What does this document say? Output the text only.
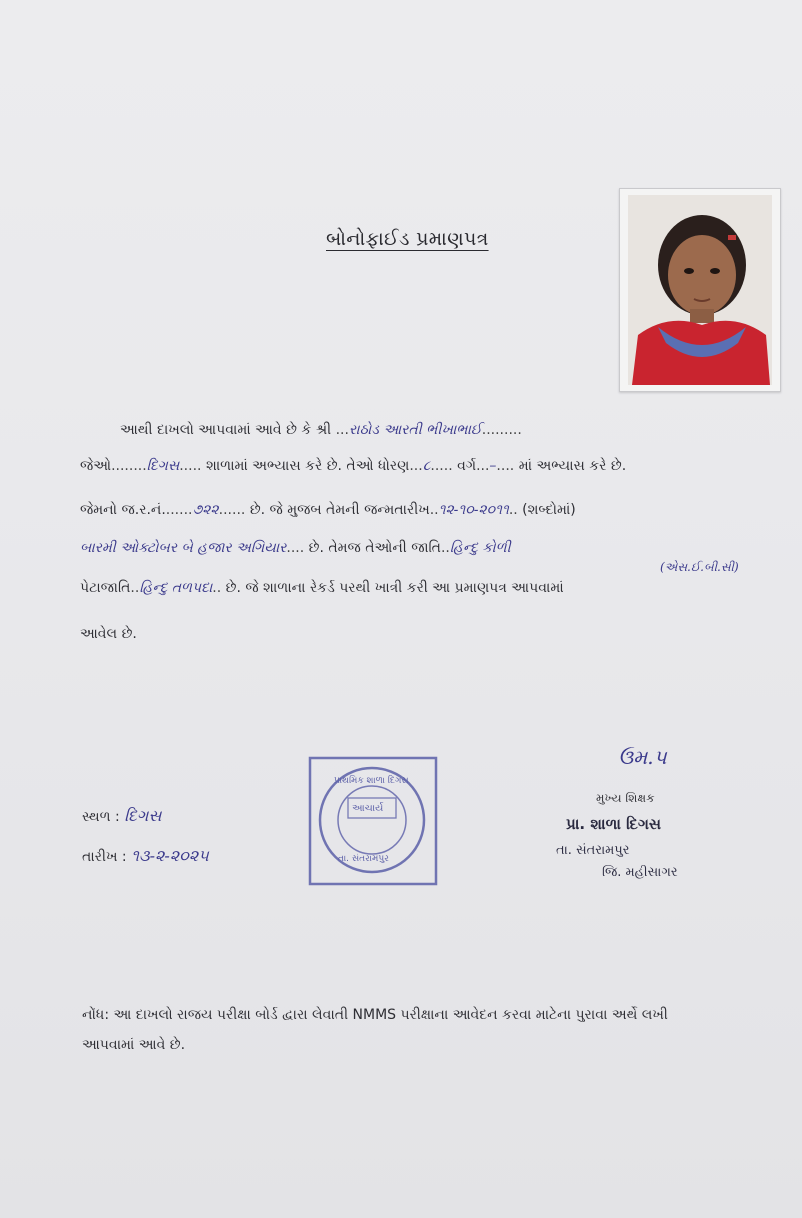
બોનોફાઈડ પ્રમાણપત્ર
આથી દાખલો આપવામાં આવે છે કે શ્રી ...રાઠોડ આરતી ભીખાભાઈ.........
જેઓ........દિગસ..... શાળામાં અભ્યાસ કરે છે. તેઓ ધોરણ...૮..... વર્ગ...–.... માં અભ્યાસ કરે છે.
જેમનો જ.ર.નં.......૭૨૨...... છે. જે મુજબ તેમની જન્મતારીખ..૧૨-૧૦-૨૦૧૧.. (શબ્દોમાં)
બારમી ઓક્ટોબર બે હજાર અગિયાર.... છે. તેમજ તેઓની જાતિ..હિન્દુ કોળી
(એસ.ઈ.બી.સી)
પેટાજાતિ..હિન્દુ તળપદા.. છે. જે શાળાના રેકર્ડ પરથી ખાત્રી કરી આ પ્રમાણપત્ર આપવામાં
આવેલ છે.
સ્થળ : દિગસ
તારીખ : ૧૩-૨-૨૦૨૫
પ્રાથમિક શાળા દિગસ
આચાર્ય
તા. સંતરામપુર
ઉમ.પ
મુખ્ય શિક્ષક
પ્રા. શાળા દિગસ
તા. સંતરામપુર
જિ. મહીસાગર
નોંધ: આ દાખલો રાજય પરીક્ષા બોર્ડ દ્વારા લેવાતી NMMS પરીક્ષાના આવેદન કરવા માટેના પુરાવા અર્થે લખી
આપવામાં આવે છે.
